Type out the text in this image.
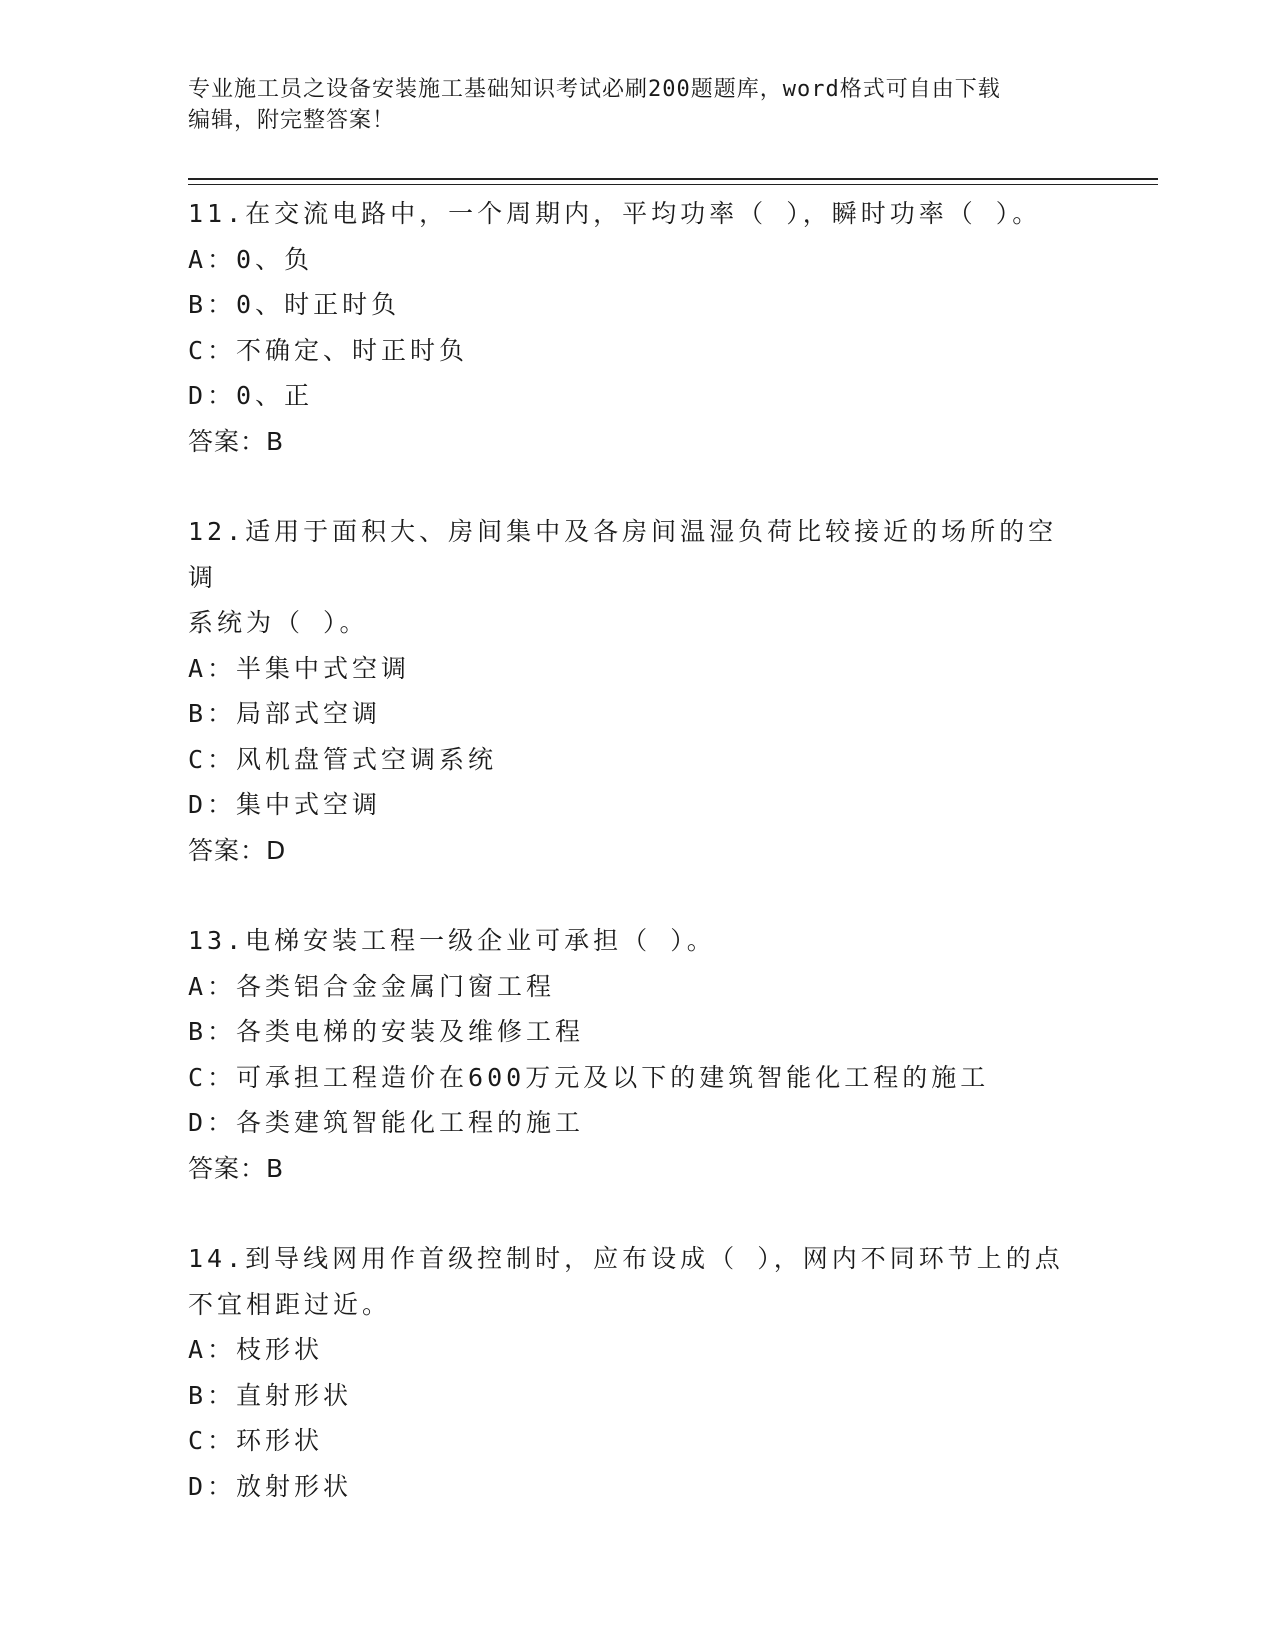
专业施工员之设备安装施工基础知识考试必刷200题题库，word格式可自由下载
编辑，附完整答案！
11.在交流电路中，一个周期内，平均功率（ ），瞬时功率（ ）。
A：0、负
B：0、时正时负
C：不确定、时正时负
D：0、正
答案：B
12.适用于面积大、房间集中及各房间温湿负荷比较接近的场所的空调
系统为（ ）。
A：半集中式空调
B：局部式空调
C：风机盘管式空调系统
D：集中式空调
答案：D
13.电梯安装工程一级企业可承担（ ）。
A：各类铝合金金属门窗工程
B：各类电梯的安装及维修工程
C：可承担工程造价在600万元及以下的建筑智能化工程的施工
D：各类建筑智能化工程的施工
答案：B
14.到导线网用作首级控制时，应布设成（ ），网内不同环节上的点
不宜相距过近。
A：枝形状
B：直射形状
C：环形状
D：放射形状
